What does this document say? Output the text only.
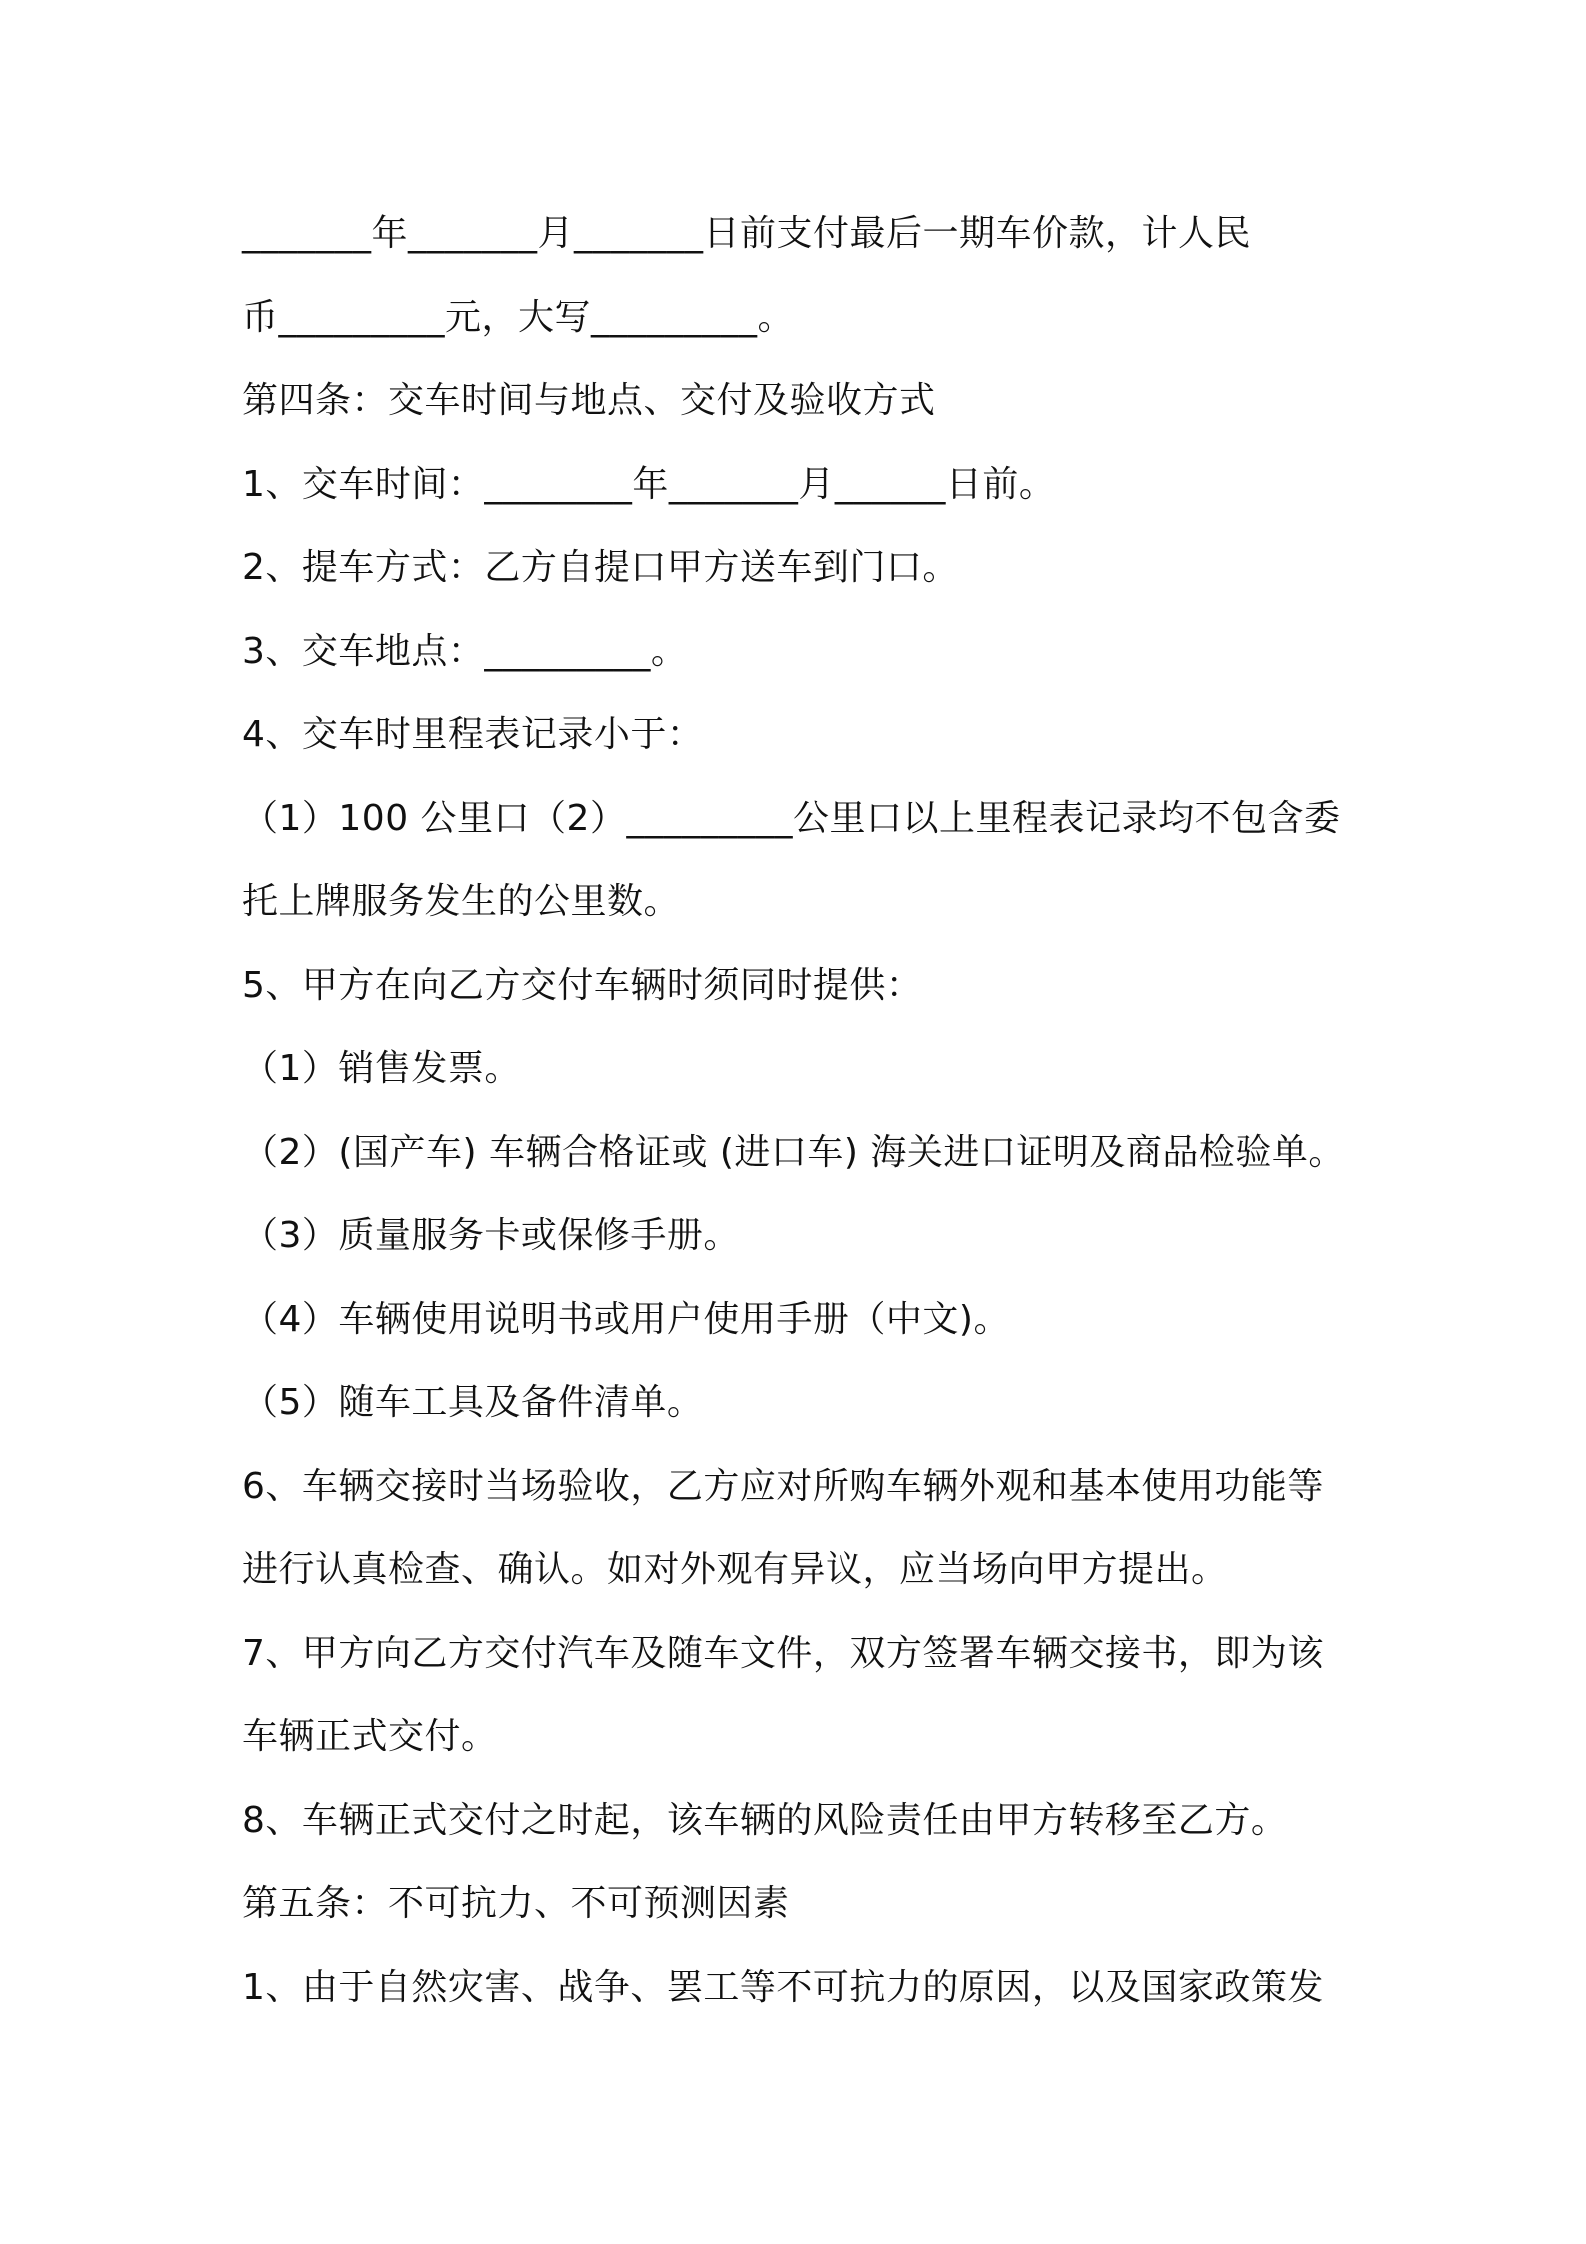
_______年_______月_______日前支付最后一期车价款，计人民
币_________元，大写_________。
第四条：交车时间与地点、交付及验收方式
1、交车时间：________年_______月______日前。
2、提车方式：乙方自提口甲方送车到门口。
3、交车地点：_________。
4、交车时里程表记录小于：
（1）100 公里口（2）_________公里口以上里程表记录均不包含委
托上牌服务发生的公里数。
5、甲方在向乙方交付车辆时须同时提供：
（1）销售发票。
（2）(国产车) 车辆合格证或 (进口车) 海关进口证明及商品检验单。
（3）质量服务卡或保修手册。
（4）车辆使用说明书或用户使用手册（中文)。
（5）随车工具及备件清单。
6、车辆交接时当场验收，乙方应对所购车辆外观和基本使用功能等
进行认真检查、确认。如对外观有异议，应当场向甲方提出。
7、甲方向乙方交付汽车及随车文件，双方签署车辆交接书，即为该
车辆正式交付。
8、车辆正式交付之时起，该车辆的风险责任由甲方转移至乙方。
第五条：不可抗力、不可预测因素
1、由于自然灾害、战争、罢工等不可抗力的原因，以及国家政策发
